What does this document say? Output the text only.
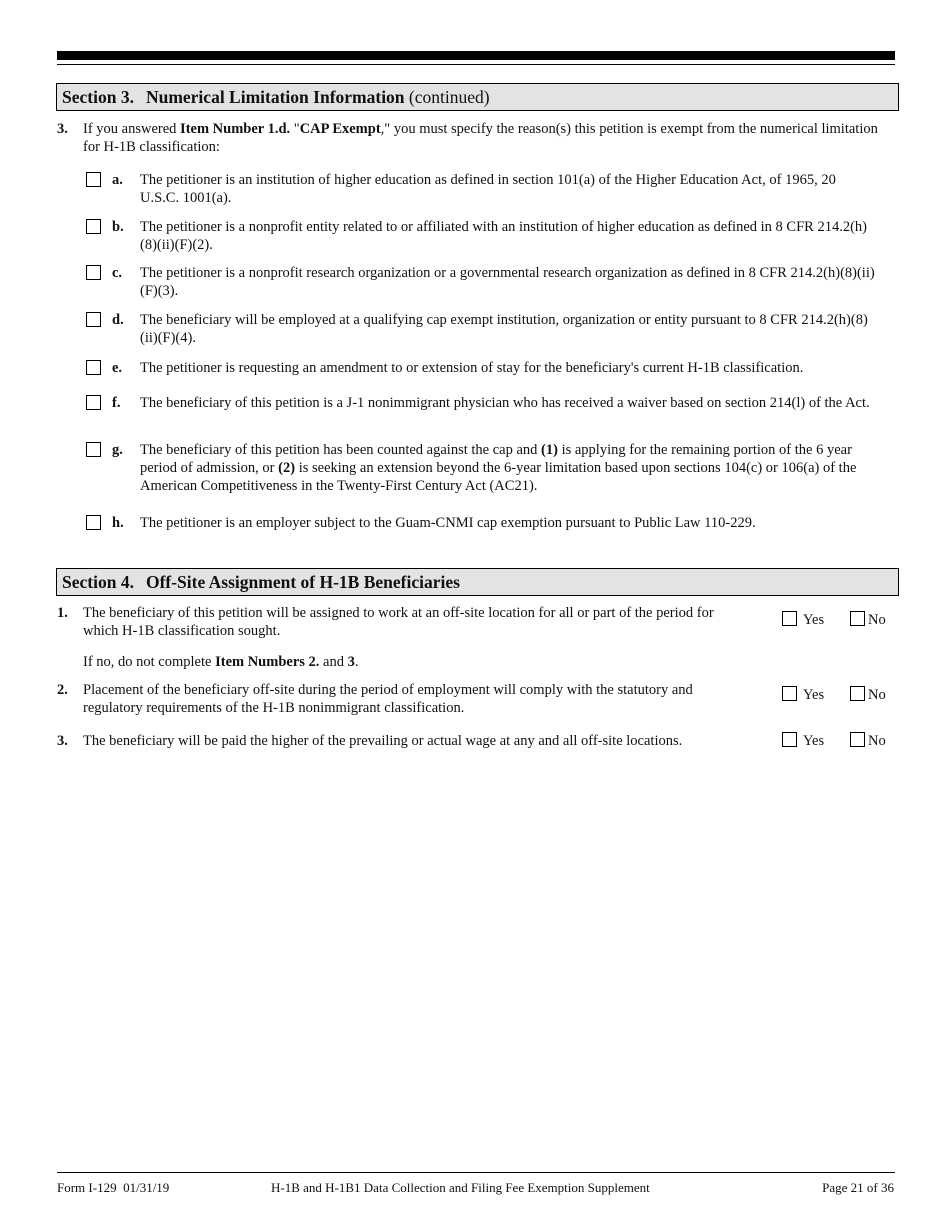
Section 3. Numerical Limitation Information (continued)
3. If you answered Item Number 1.d. "CAP Exempt," you must specify the reason(s) this petition is exempt from the numerical limitation for H-1B classification:
a. The petitioner is an institution of higher education as defined in section 101(a) of the Higher Education Act, of 1965, 20 U.S.C. 1001(a).
b. The petitioner is a nonprofit entity related to or affiliated with an institution of higher education as defined in 8 CFR 214.2(h)(8)(ii)(F)(2).
c. The petitioner is a nonprofit research organization or a governmental research organization as defined in 8 CFR 214.2(h)(8)(ii)(F)(3).
d. The beneficiary will be employed at a qualifying cap exempt institution, organization or entity pursuant to 8 CFR 214.2(h)(8)(ii)(F)(4).
e. The petitioner is requesting an amendment to or extension of stay for the beneficiary's current H-1B classification.
f. The beneficiary of this petition is a J-1 nonimmigrant physician who has received a waiver based on section 214(l) of the Act.
g. The beneficiary of this petition has been counted against the cap and (1) is applying for the remaining portion of the 6 year period of admission, or (2) is seeking an extension beyond the 6-year limitation based upon sections 104(c) or 106(a) of the American Competitiveness in the Twenty-First Century Act (AC21).
h. The petitioner is an employer subject to the Guam-CNMI cap exemption pursuant to Public Law 110-229.
Section 4. Off-Site Assignment of H-1B Beneficiaries
1. The beneficiary of this petition will be assigned to work at an off-site location for all or part of the period for which H-1B classification sought.
Yes	No
If no, do not complete Item Numbers 2. and 3.
2. Placement of the beneficiary off-site during the period of employment will comply with the statutory and regulatory requirements of the H-1B nonimmigrant classification.
Yes	No
3. The beneficiary will be paid the higher of the prevailing or actual wage at any and all off-site locations.	Yes	No
Form I-129  01/31/19	H-1B and H-1B1 Data Collection and Filing Fee Exemption Supplement	Page 21 of 36
